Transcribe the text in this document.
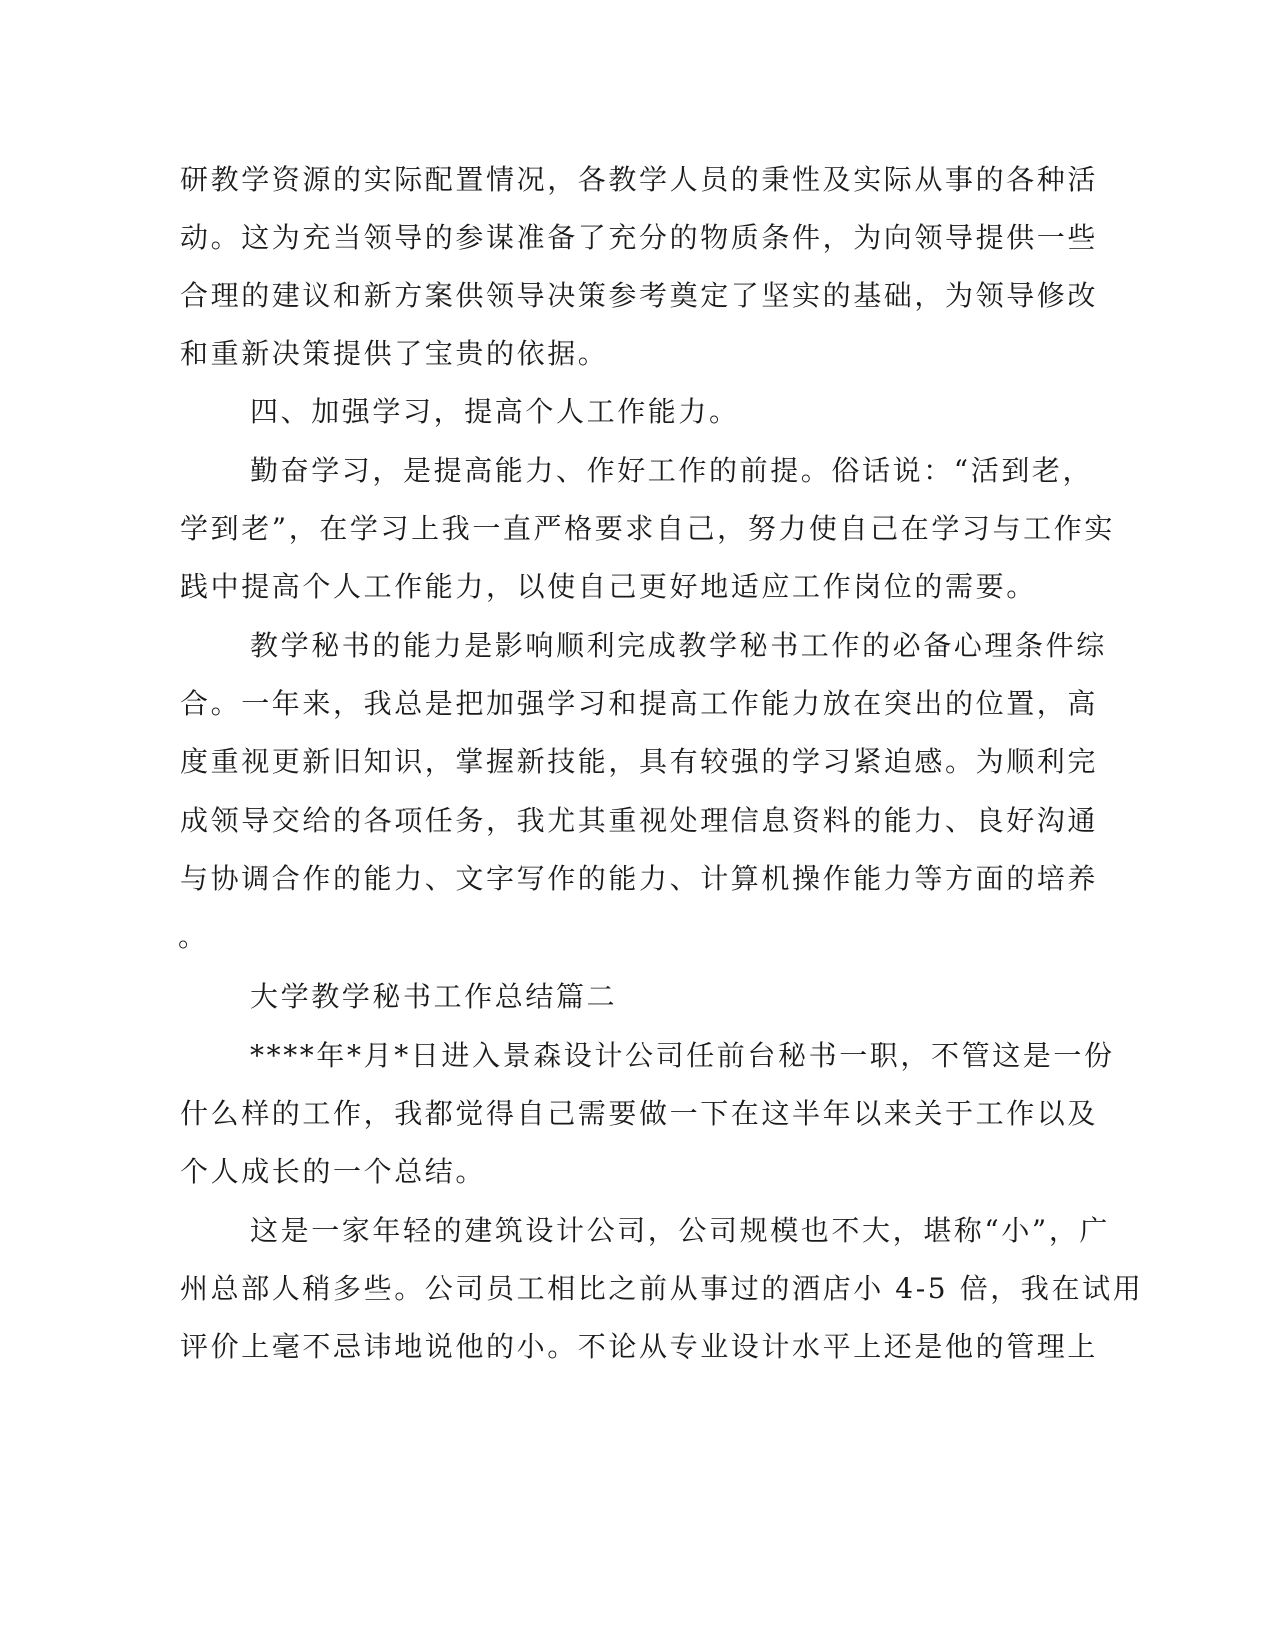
研教学资源的实际配置情况，各教学人员的秉性及实际从事的各种活
动。这为充当领导的参谋准备了充分的物质条件，为向领导提供一些
合理的建议和新方案供领导决策参考奠定了坚实的基础，为领导修改
和重新决策提供了宝贵的依据。
四、加强学习，提高个人工作能力。
勤奋学习，是提高能力、作好工作的前提。俗话说：“活到老，
学到老”，在学习上我一直严格要求自己，努力使自己在学习与工作实
践中提高个人工作能力，以使自己更好地适应工作岗位的需要。
教学秘书的能力是影响顺利完成教学秘书工作的必备心理条件综
合。一年来，我总是把加强学习和提高工作能力放在突出的位置，高
度重视更新旧知识，掌握新技能，具有较强的学习紧迫感。为顺利完
成领导交给的各项任务，我尤其重视处理信息资料的能力、良好沟通
与协调合作的能力、文字写作的能力、计算机操作能力等方面的培养
。
大学教学秘书工作总结篇二
****年*月*日进入景森设计公司任前台秘书一职，不管这是一份
什么样的工作，我都觉得自己需要做一下在这半年以来关于工作以及
个人成长的一个总结。
这是一家年轻的建筑设计公司，公司规模也不大，堪称“小”，广
州总部人稍多些。公司员工相比之前从事过的酒店小 4-5 倍，我在试用
评价上毫不忌讳地说他的小。不论从专业设计水平上还是他的管理上
